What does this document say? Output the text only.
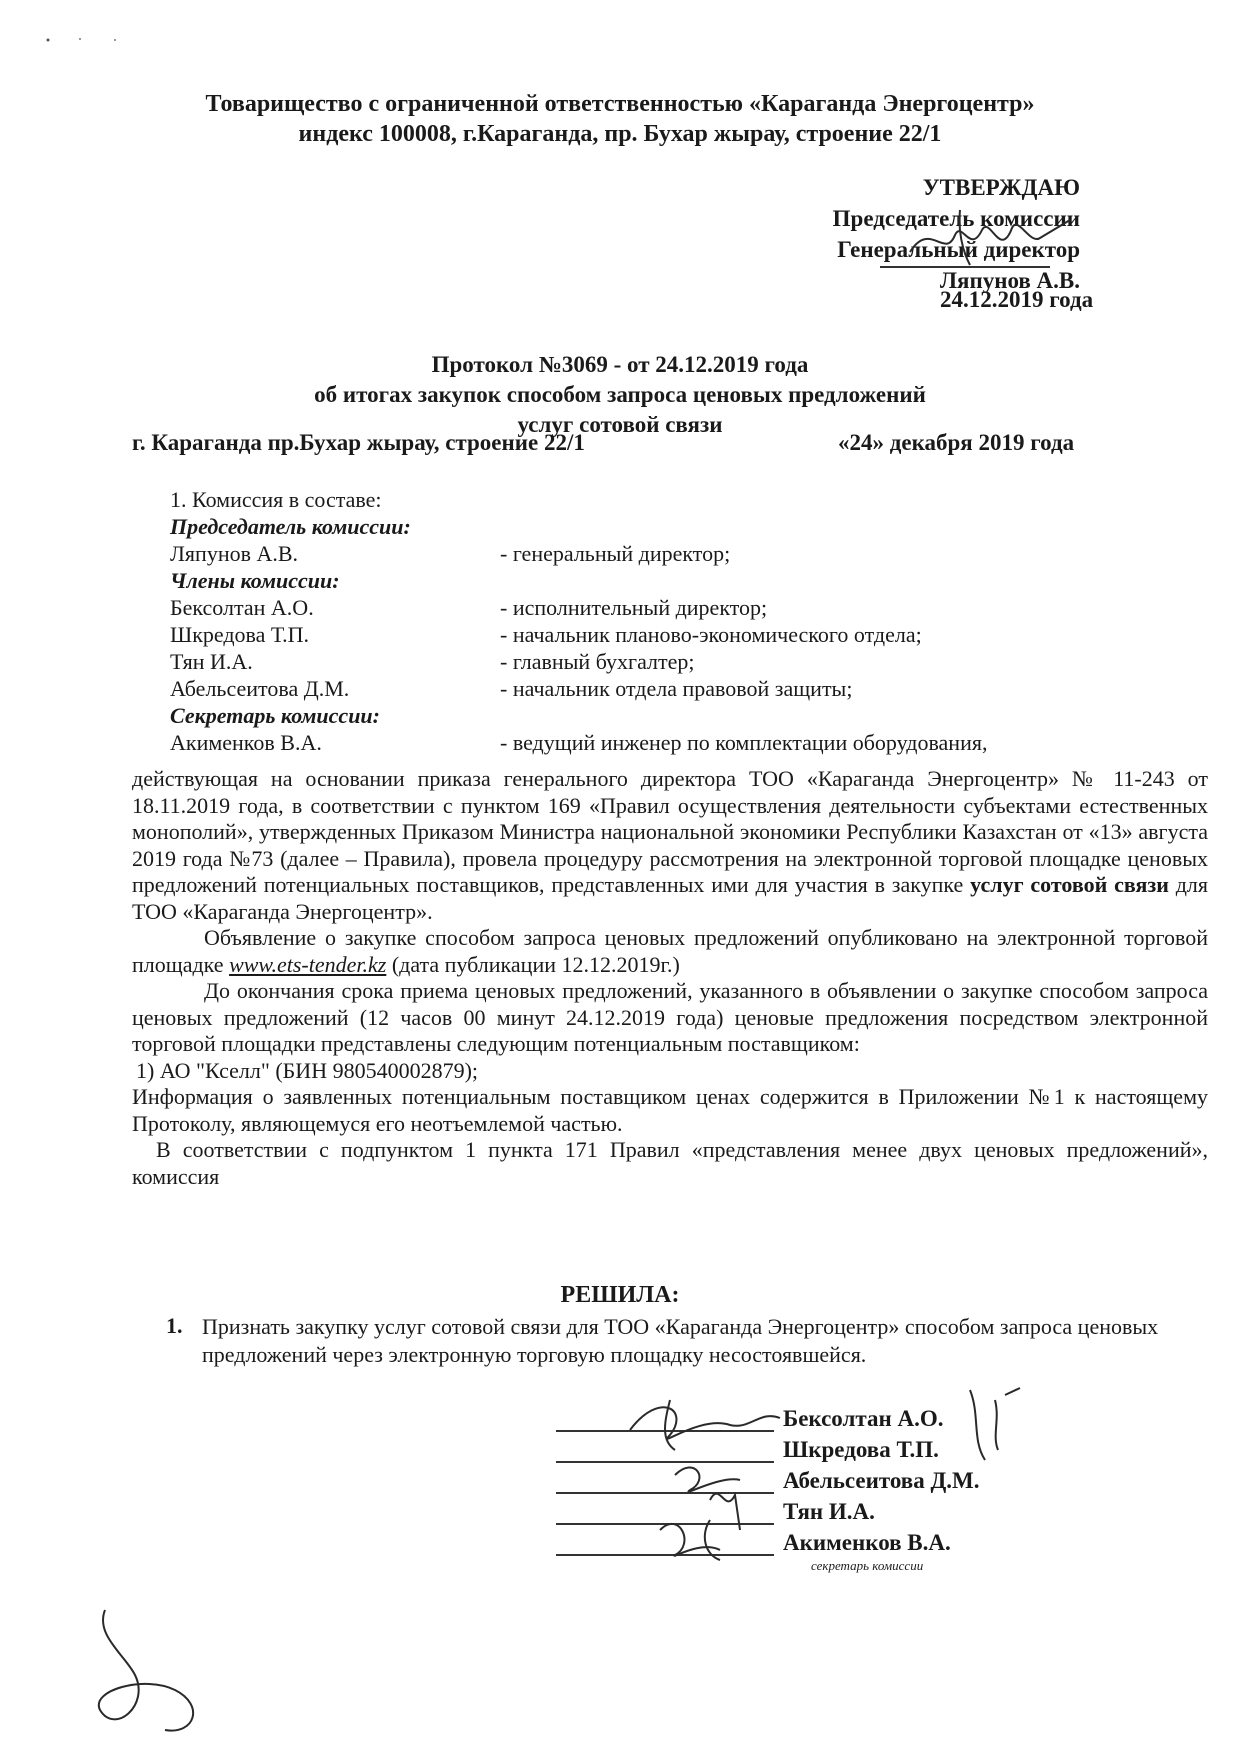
Товарищество с ограниченной ответственностью «Караганда Энергоцентр»
индекс 100008, г.Караганда, пр. Бухар жырау, строение 22/1
УТВЕРЖДАЮ
Председатель комиссии
Генеральный директор
Ляпунов А.В.
24.12.2019 года
Протокол №3069 - от 24.12.2019 года
об итогах закупок способом запроса ценовых предложений
услуг сотовой связи
г. Караганда пр.Бухар жырау, строение 22/1	«24» декабря 2019 года
1. Комиссия в составе:
Председатель комиссии:
Ляпунов А.В.	- генеральный директор;
Члены комиссии:
Бексолтан А.О.	- исполнительный директор;
Шкредова Т.П.	- начальник планово-экономического отдела;
Тян И.А.	- главный бухгалтер;
Абельсеитова Д.М.	- начальник отдела правовой защиты;
Секретарь комиссии:
Акименков В.А.	- ведущий инженер по комплектации оборудования,

действующая на основании приказа генерального директора ТОО «Караганда Энергоцентр» № 11-243 от 18.11.2019 года, в соответствии с пунктом 169 «Правил осуществления деятельности субъектами естественных монополий», утвержденных Приказом Министра национальной экономики Республики Казахстан от «13» августа 2019 года №73 (далее – Правила), провела процедуру рассмотрения на электронной торговой площадке ценовых предложений потенциальных поставщиков, представленных ими для участия в закупке услуг сотовой связи для ТОО «Караганда Энергоцентр».

Объявление о закупке способом запроса ценовых предложений опубликовано на электронной торговой площадке www.ets-tender.kz (дата публикации 12.12.2019г.)

До окончания срока приема ценовых предложений, указанного в объявлении о закупке способом запроса ценовых предложений (12 часов 00 минут 24.12.2019 года) ценовые предложения посредством электронной торговой площадки представлены следующим потенциальным поставщиком:

1) АО "Кселл" (БИН 980540002879);

Информация о заявленных потенциальным поставщиком ценах содержится в Приложении №1 к настоящему Протоколу, являющемуся его неотъемлемой частью.

В соответствии с подпунктом 1 пункта 171 Правил «представления менее двух ценовых предложений», комиссия

РЕШИЛА:
1. Признать закупку услуг сотовой связи для ТОО «Караганда Энергоцентр» способом запроса ценовых предложений через электронную торговую площадку несостоявшейся.
Бексолтан А.О.
Шкредова Т.П.
Абельсеитова Д.М.
Тян И.А.
Акименков В.А.
секретарь комиссии
